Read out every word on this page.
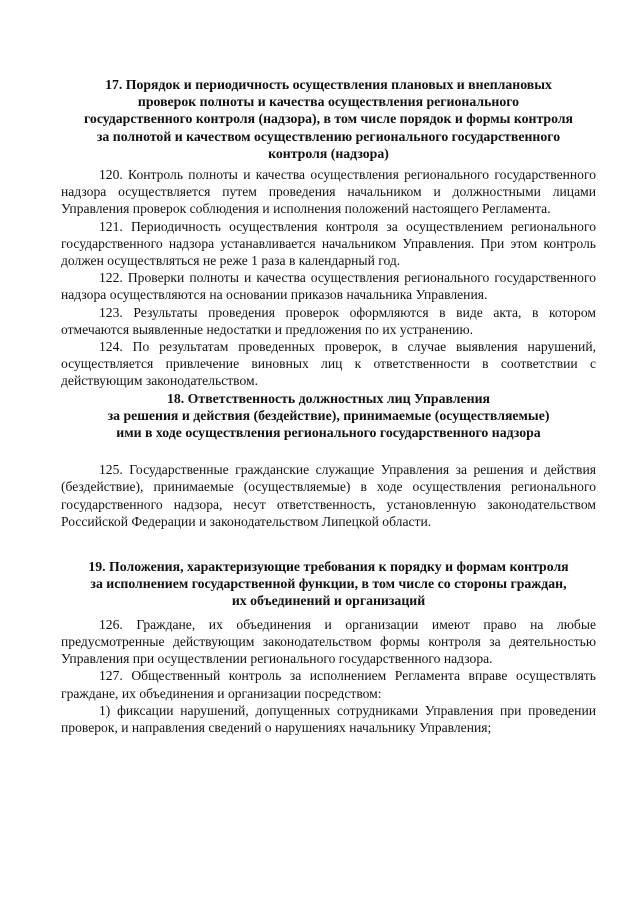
17. Порядок и периодичность осуществления плановых и внеплановых
проверок полноты и качества осуществления регионального
государственного контроля (надзора), в том числе порядок и формы контроля
за полнотой и качеством осуществлению регионального государственного
контроля (надзора)

120. Контроль полноты и качества осуществления регионального государственного надзора осуществляется путем проведения начальником и должностными лицами Управления проверок соблюдения и исполнения положений настоящего Регламента.

121. Периодичность осуществления контроля за осуществлением регионального государственного надзора устанавливается начальником Управления. При этом контроль должен осуществляться не реже 1 раза в календарный год.

122. Проверки полноты и качества осуществления регионального государственного надзора осуществляются на основании приказов начальника Управления.

123. Результаты проведения проверок оформляются в виде акта, в котором отмечаются выявленные недостатки и предложения по их устранению.

124. По результатам проведенных проверок, в случае выявления нарушений, осуществляется привлечение виновных лиц к ответственности в соответствии с действующим законодательством.

18. Ответственность должностных лиц Управления
за решения и действия (бездействие), принимаемые (осуществляемые)
ими в ходе осуществления регионального государственного надзора

125. Государственные гражданские служащие Управления за решения и действия (бездействие), принимаемые (осуществляемые) в ходе осуществления регионального государственного надзора, несут ответственность, установленную законодательством Российской Федерации и законодательством Липецкой области.

19. Положения, характеризующие требования к порядку и формам контроля
за исполнением государственной функции, в том числе со стороны граждан,
их объединений и организаций

126. Граждане, их объединения и организации имеют право на любые предусмотренные действующим законодательством формы контроля за деятельностью Управления при осуществлении регионального государственного надзора.

127. Общественный контроль за исполнением Регламента вправе осуществлять граждане, их объединения и организации посредством:

1) фиксации нарушений, допущенных сотрудниками Управления при проведении проверок, и направления сведений о нарушениях начальнику Управления;
